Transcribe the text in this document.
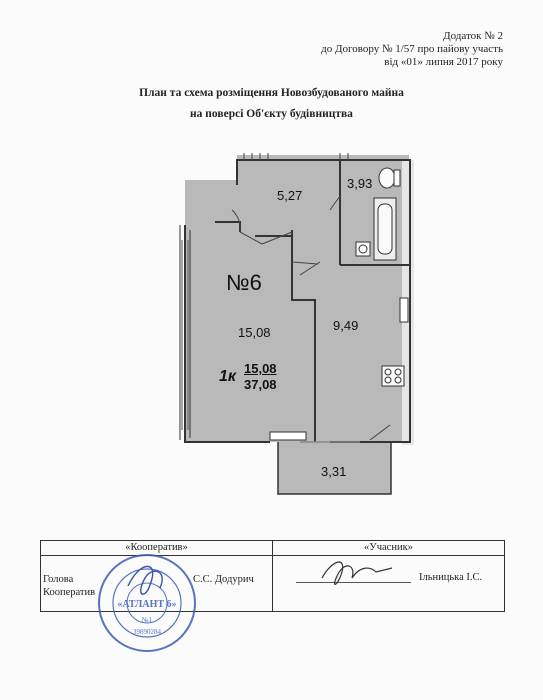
Додаток № 2
до Договору № 1/57 про пайову участь
від «01» липня 2017 року
План та схема розміщення Новозбудованого майна
на поверсі Об'єкту будівництва
5,27
3,93
№6
15,08	9,49
1к 15,08
37,08
3,31
«Кооператив»	«Учасник»
Голова
Кооператив
С.С. Додурич	Ільницька І.С.
«АТЛАНТ 6»
№1
39890284
